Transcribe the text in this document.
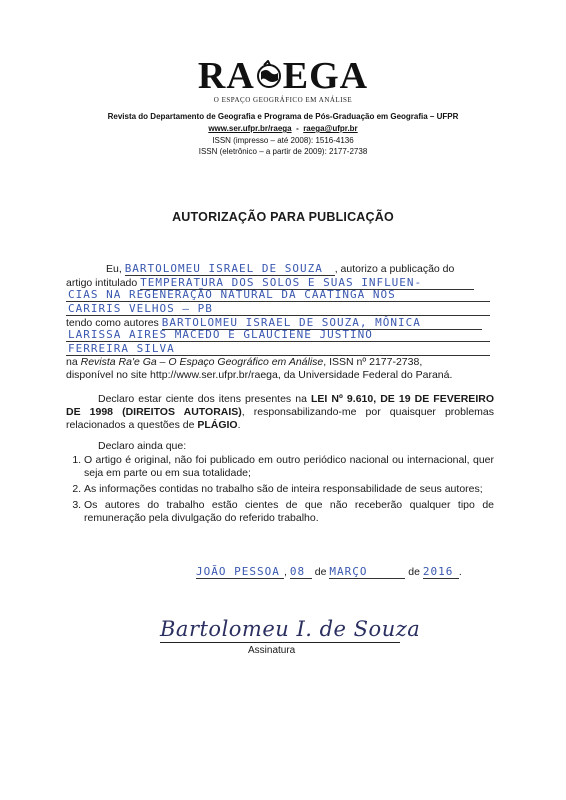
RA EGA
O ESPAÇO GEOGRÁFICO EM ANÁLISE
Revista do Departamento de Geografia e Programa de Pós-Graduação em Geografia – UFPR
www.ser.ufpr.br/raega - raega@ufpr.br
ISSN (impresso – até 2008): 1516-4136
ISSN (eletrônico – a partir de 2009): 2177-2738
AUTORIZAÇÃO PARA PUBLICAÇÃO
Eu, BARTOLOMEU ISRAEL DE SOUZA , autorizo a publicação do
artigo intitulado TEMPERATURA DOS SOLOS E SUAS INFLUEN-
CIAS NA REGENERAÇÃO NATURAL DA CAATINGA NOS
CARIRIS VELHOS – PB
tendo como autores BARTOLOMEU ISRAEL DE SOUZA, MÔNICA
LARISSA AIRES MACEDO E GLAUCIENE JUSTINO
FERREIRA SILVA
na Revista Ra'e Ga – O Espaço Geográfico em Análise, ISSN nº 2177-2738,
disponível no site http://www.ser.ufpr.br/raega, da Universidade Federal do Paraná.
Declaro estar ciente dos itens presentes na LEI Nº 9.610, DE 19 DE FEVEREIRO DE 1998 (DIREITOS AUTORAIS), responsabilizando-me por quaisquer problemas relacionados a questões de PLÁGIO.
Declaro ainda que:
1. O artigo é original, não foi publicado em outro periódico nacional ou internacional, quer seja em parte ou em sua totalidade;
2. As informações contidas no trabalho são de inteira responsabilidade de seus autores;
3. Os autores do trabalho estão cientes de que não receberão qualquer tipo de remuneração pela divulgação do referido trabalho.
JOÃO PESSOA , 08 de MARÇO	de 2016 .
Bartolomeu I. de Souza
Assinatura
